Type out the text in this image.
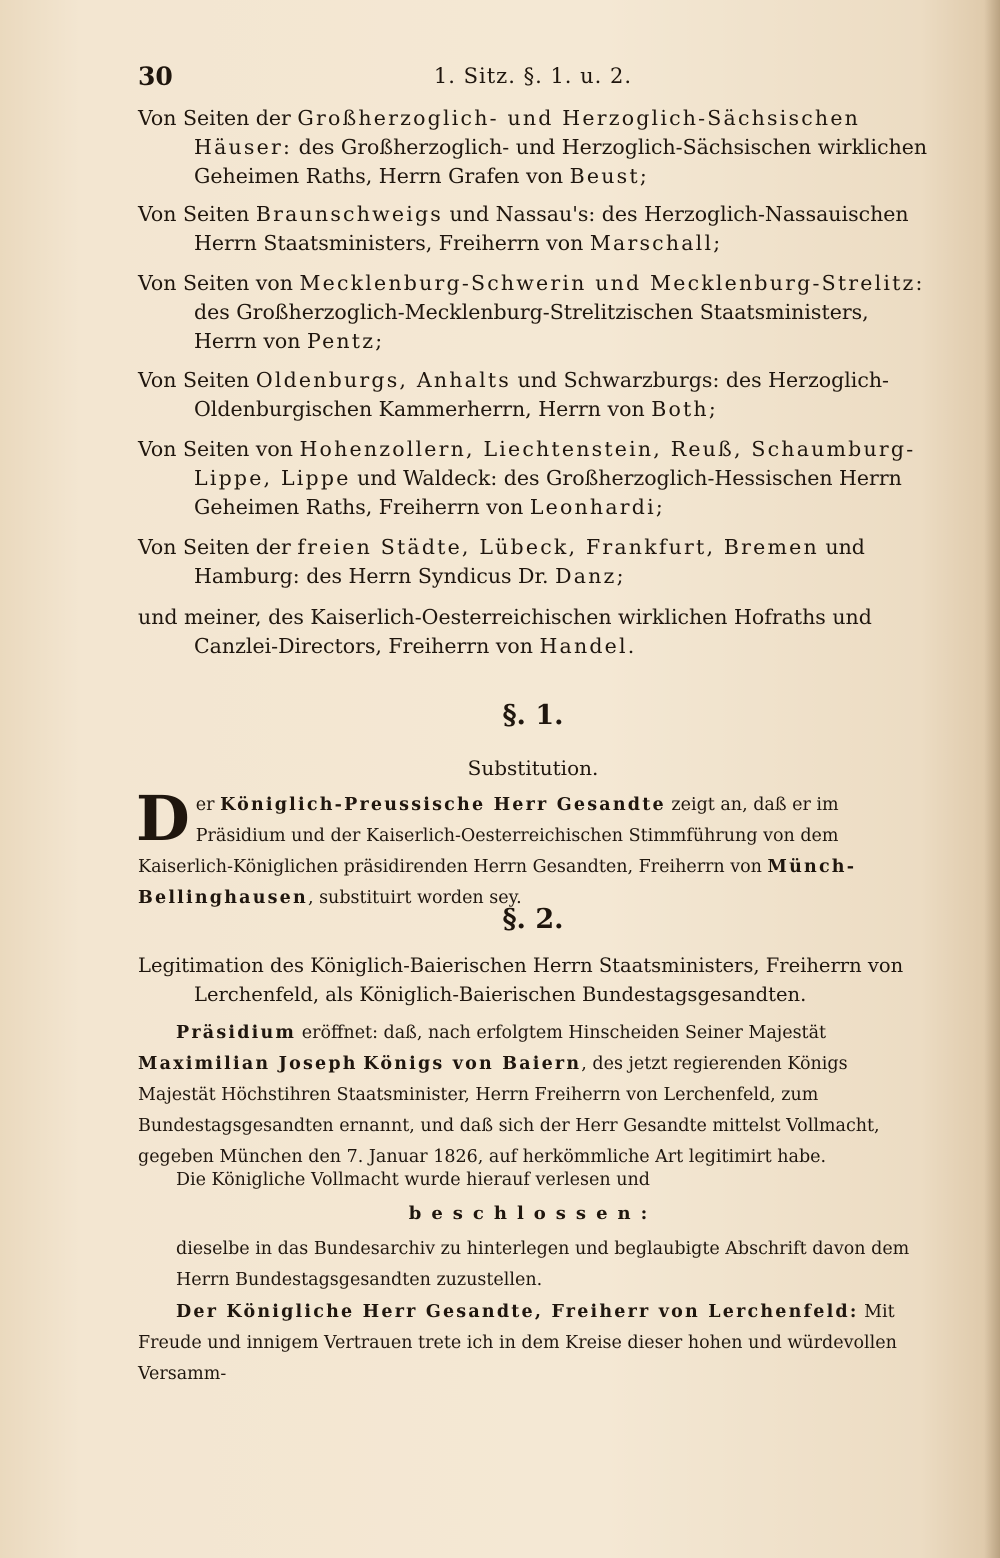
30	1. Sitz. §. 1. u. 2.
Von Seiten der Großherzoglich- und Herzoglich-Sächsischen Häuser: des Großherzoglich- und Herzoglich-Sächsischen wirklichen Geheimen Raths, Herrn Grafen von Beust;
Von Seiten Braunschweigs und Nassau's: des Herzoglich-Nassauischen Herrn Staatsministers, Freiherrn von Marschall;
Von Seiten von Mecklenburg-Schwerin und Mecklenburg-Strelitz: des Großherzoglich-Mecklenburg-Strelitzischen Staatsministers, Herrn von Pentz;
Von Seiten Oldenburgs, Anhalts und Schwarzburgs: des Herzoglich-Oldenburgischen Kammerherrn, Herrn von Both;
Von Seiten von Hohenzollern, Liechtenstein, Reuß, Schaumburg-Lippe, Lippe und Waldeck: des Großherzoglich-Hessischen Herrn Geheimen Raths, Freiherrn von Leonhardi;
Von Seiten der freien Städte, Lübeck, Frankfurt, Bremen und Hamburg: des Herrn Syndicus Dr. Danz;
und meiner, des Kaiserlich-Oesterreichischen wirklichen Hofraths und Canzlei-Directors, Freiherrn von Handel.
§. 1.
Substitution.
D er Königlich-Preussische Herr Gesandte zeigt an, daß er im Präsidium und der Kaiserlich-Oesterreichischen Stimmführung von dem Kaiserlich-Königlichen präsidirenden Herrn Gesandten, Freiherrn von Münch-Bellinghausen, substituirt worden sey.
§. 2.
Legitimation des Königlich-Baierischen Herrn Staatsministers, Freiherrn von Lerchenfeld, als Königlich-Baierischen Bundestagsgesandten.
Präsidium eröffnet: daß, nach erfolgtem Hinscheiden Seiner Majestät Maximilian Joseph Königs von Baiern, des jetzt regierenden Königs Majestät Höchstihren Staatsminister, Herrn Freiherrn von Lerchenfeld, zum Bundestagsgesandten ernannt, und daß sich der Herr Gesandte mittelst Vollmacht, gegeben München den 7. Januar 1826, auf herkömmliche Art legitimirt habe.
Die Königliche Vollmacht wurde hierauf verlesen und
beschlossen:
dieselbe in das Bundesarchiv zu hinterlegen und beglaubigte Abschrift davon dem Herrn Bundestagsgesandten zuzustellen.
Der Königliche Herr Gesandte, Freiherr von Lerchenfeld: Mit Freude und innigem Vertrauen trete ich in dem Kreise dieser hohen und würdevollen Versamm-
